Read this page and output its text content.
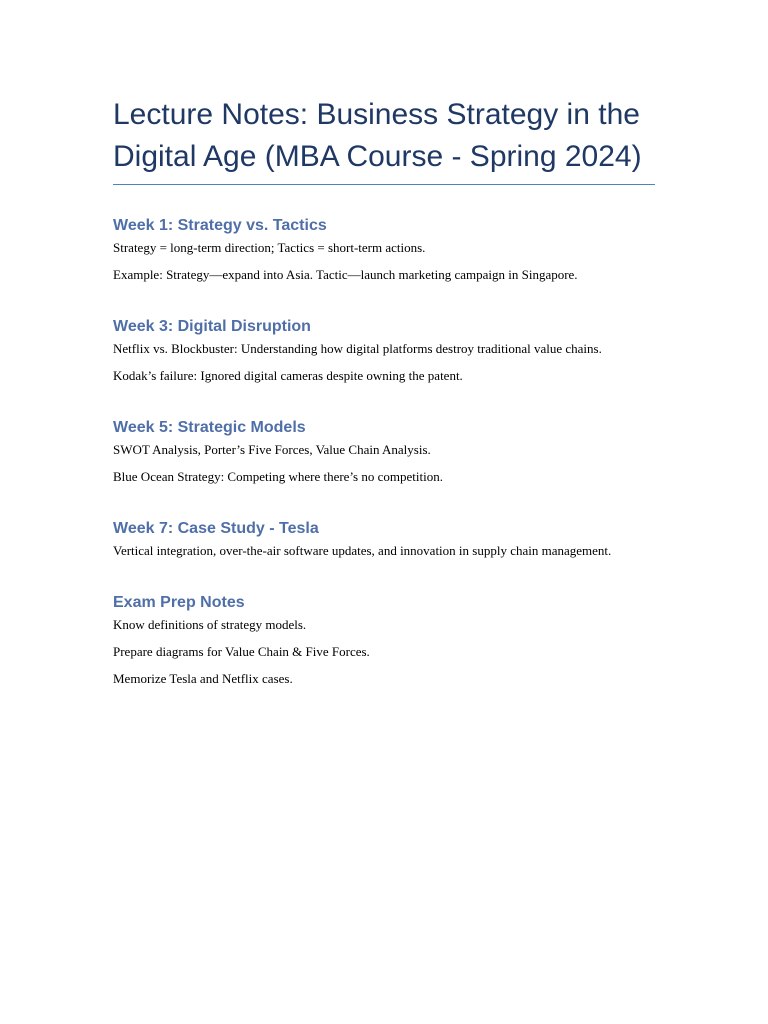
Lecture Notes: Business Strategy in the Digital Age (MBA Course - Spring 2024)
Week 1: Strategy vs. Tactics

Strategy = long-term direction; Tactics = short-term actions.

Example: Strategy—expand into Asia. Tactic—launch marketing campaign in Singapore.

Week 3: Digital Disruption

Netflix vs. Blockbuster: Understanding how digital platforms destroy traditional value chains.

Kodak’s failure: Ignored digital cameras despite owning the patent.

Week 5: Strategic Models

SWOT Analysis, Porter’s Five Forces, Value Chain Analysis.

Blue Ocean Strategy: Competing where there’s no competition.

Week 7: Case Study - Tesla

Vertical integration, over-the-air software updates, and innovation in supply chain management.

Exam Prep Notes

Know definitions of strategy models.

Prepare diagrams for Value Chain & Five Forces.

Memorize Tesla and Netflix cases.
